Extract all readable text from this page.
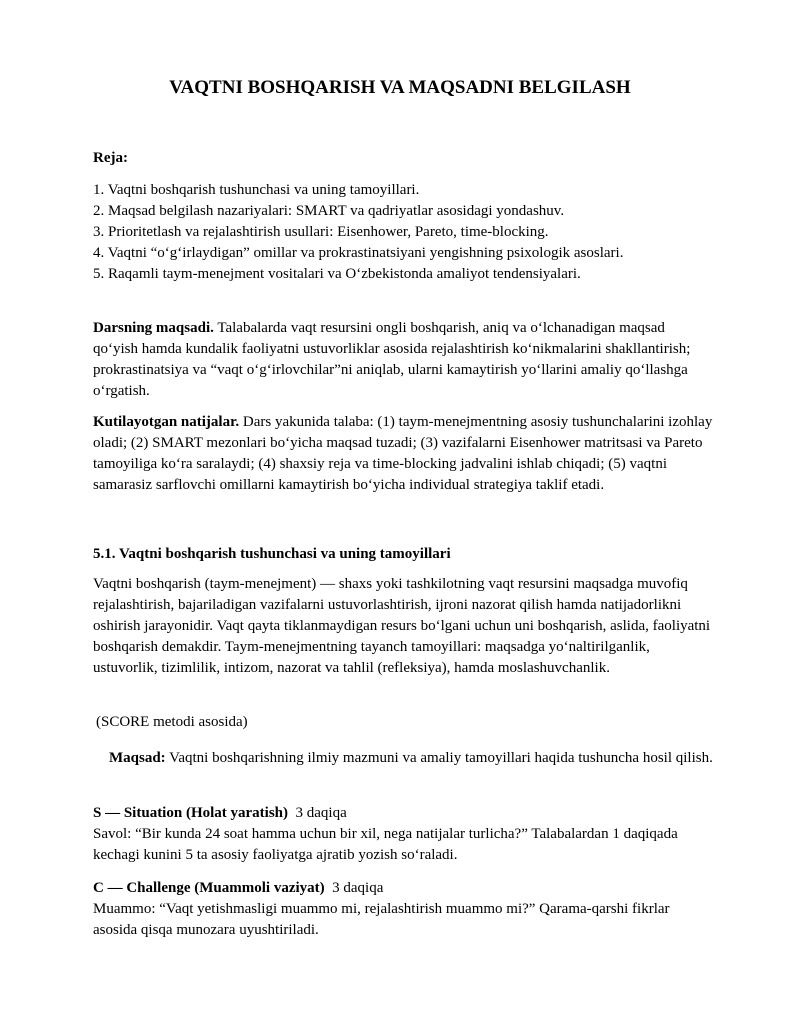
VAQTNI BOSHQARISH VA MAQSADNI BELGILASH
Reja:
1. Vaqtni boshqarish tushunchasi va uning tamoyillari.
2. Maqsad belgilash nazariyalari: SMART va qadriyatlar asosidagi yondashuv.
3. Prioritetlash va rejalashtirish usullari: Eisenhower, Pareto, time-blocking.
4. Vaqtni “o‘g‘irlaydigan” omillar va prokrastinatsiyani yengishning psixologik asoslari.
5. Raqamli taym-menejment vositalari va O‘zbekistonda amaliyot tendensiyalari.

Darsning maqsadi. Talabalarda vaqt resursini ongli boshqarish, aniq va o‘lchanadigan maqsad qo‘yish hamda kundalik faoliyatni ustuvorliklar asosida rejalashtirish ko‘nikmalarini shakllantirish; prokrastinatsiya va “vaqt o‘g‘irlovchilar”ni aniqlab, ularni kamaytirish yo‘llarini amaliy qo‘llashga o‘rgatish.

Kutilayotgan natijalar. Dars yakunida talaba: (1) taym-menejmentning asosiy tushunchalarini izohlay oladi; (2) SMART mezonlari bo‘yicha maqsad tuzadi; (3) vazifalarni Eisenhower matritsasi va Pareto tamoyiliga ko‘ra saralaydi; (4) shaxsiy reja va time-blocking jadvalini ishlab chiqadi; (5) vaqtni samarasiz sarflovchi omillarni kamaytirish bo‘yicha individual strategiya taklif etadi.

5.1. Vaqtni boshqarish tushunchasi va uning tamoyillari

Vaqtni boshqarish (taym-menejment) — shaxs yoki tashkilotning vaqt resursini maqsadga muvofiq rejalashtirish, bajariladigan vazifalarni ustuvorlashtirish, ijroni nazorat qilish hamda natijadorlikni oshirish jarayonidir. Vaqt qayta tiklanmaydigan resurs bo‘lgani uchun uni boshqarish, aslida, faoliyatni boshqarish demakdir. Taym-menejmentning tayanch tamoyillari: maqsadga yo‘naltirilganlik, ustuvorlik, tizimlilik, intizom, nazorat va tahlil (refleksiya), hamda moslashuvchanlik.

(SCORE metodi asosida)

Maqsad: Vaqtni boshqarishning ilmiy mazmuni va amaliy tamoyillari haqida tushuncha hosil qilish.

S — Situation (Holat yaratish)  3 daqiqa

Savol: “Bir kunda 24 soat hamma uchun bir xil, nega natijalar turlicha?” Talabalardan 1 daqiqada kechagi kunini 5 ta asosiy faoliyatga ajratib yozish so‘raladi.

C — Challenge (Muammoli vaziyat)  3 daqiqa

Muammo: “Vaqt yetishmasligi muammo mi, rejalashtirish muammo mi?” Qarama-qarshi fikrlar asosida qisqa munozara uyushtiriladi.
